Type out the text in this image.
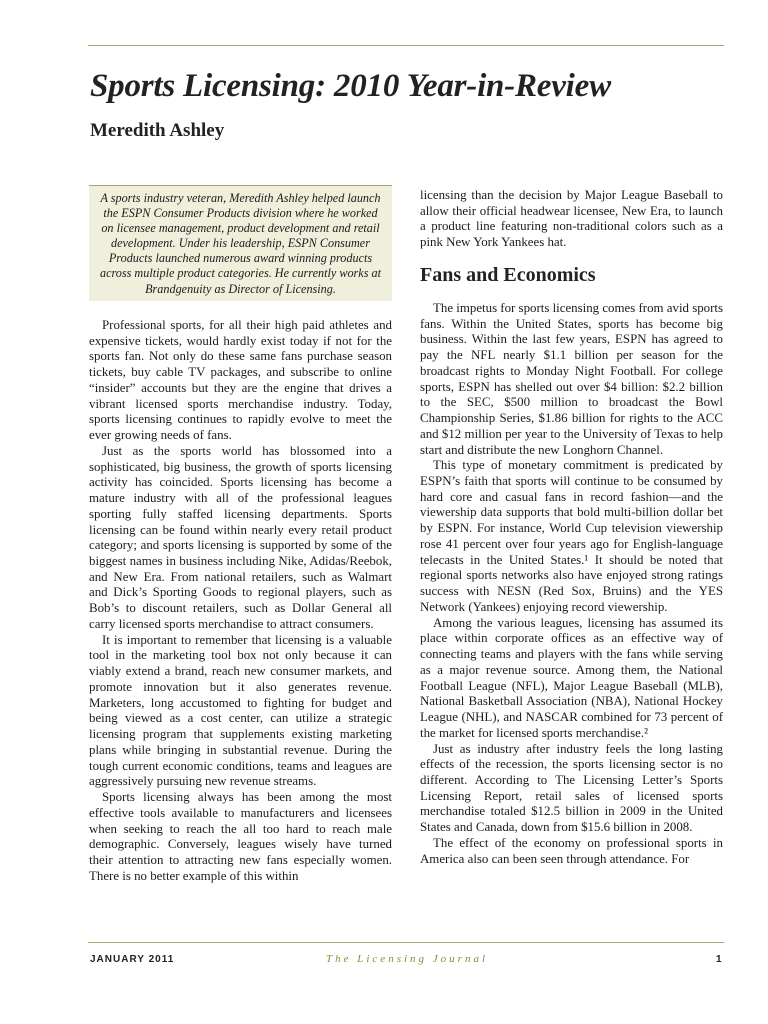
Sports Licensing: 2010 Year-in-Review
Meredith Ashley
A sports industry veteran, Meredith Ashley helped launch the ESPN Consumer Products division where he worked on licensee management, product development and retail development. Under his leadership, ESPN Consumer Products launched numerous award winning products across multiple product categories. He currently works at Brandgenuity as Director of Licensing.

Professional sports, for all their high paid athletes and expensive tickets, would hardly exist today if not for the sports fan. Not only do these same fans purchase season tickets, buy cable TV packages, and subscribe to online “insider” accounts but they are the engine that drives a vibrant licensed sports merchandise industry. Today, sports licensing continues to rapidly evolve to meet the ever growing needs of fans.

Just as the sports world has blossomed into a sophisticated, big business, the growth of sports licensing activity has coincided. Sports licensing has become a mature industry with all of the professional leagues sporting fully staffed licensing departments. Sports licensing can be found within nearly every retail product category; and sports licensing is supported by some of the biggest names in business including Nike, Adidas/Reebok, and New Era. From national retailers, such as Walmart and Dick’s Sporting Goods to regional players, such as Bob’s to discount retailers, such as Dollar General all carry licensed sports merchandise to attract consumers.

It is important to remember that licensing is a valuable tool in the marketing tool box not only because it can viably extend a brand, reach new consumer markets, and promote innovation but it also generates revenue. Marketers, long accustomed to fighting for budget and being viewed as a cost center, can utilize a strategic licensing program that supplements existing marketing plans while bringing in substantial revenue. During the tough current economic conditions, teams and leagues are aggressively pursuing new revenue streams.

Sports licensing always has been among the most effective tools available to manufacturers and licensees when seeking to reach the all too hard to reach male demographic. Conversely, leagues wisely have turned their attention to attracting new fans especially women. There is no better example of this within

licensing than the decision by Major League Baseball to allow their official headwear licensee, New Era, to launch a product line featuring non-traditional colors such as a pink New York Yankees hat.

Fans and Economics

The impetus for sports licensing comes from avid sports fans. Within the United States, sports has become big business. Within the last few years, ESPN has agreed to pay the NFL nearly $1.1 billion per season for the broadcast rights to Monday Night Football. For college sports, ESPN has shelled out over $4 billion: $2.2 billion to the SEC, $500 million to broadcast the Bowl Championship Series, $1.86 billion for rights to the ACC and $12 million per year to the University of Texas to help start and distribute the new Longhorn Channel.

This type of monetary commitment is predicated by ESPN’s faith that sports will continue to be consumed by hard core and casual fans in record fashion—and the viewership data supports that bold multi-billion dollar bet by ESPN. For instance, World Cup television viewership rose 41 percent over four years ago for English-language telecasts in the United States.¹ It should be noted that regional sports networks also have enjoyed strong ratings success with NESN (Red Sox, Bruins) and the YES Network (Yankees) enjoying record viewership.

Among the various leagues, licensing has assumed its place within corporate offices as an effective way of connecting teams and players with the fans while serving as a major revenue source. Among them, the National Football League (NFL), Major League Baseball (MLB), National Basketball Association (NBA), National Hockey League (NHL), and NASCAR combined for 73 percent of the market for licensed sports merchandise.²

Just as industry after industry feels the long lasting effects of the recession, the sports licensing sector is no different. According to The Licensing Letter’s Sports Licensing Report, retail sales of licensed sports merchandise totaled $12.5 billion in 2009 in the United States and Canada, down from $15.6 billion in 2008.

The effect of the economy on professional sports in America also can been seen through attendance. For

JANUARY 2011	The Licensing Journal	1
